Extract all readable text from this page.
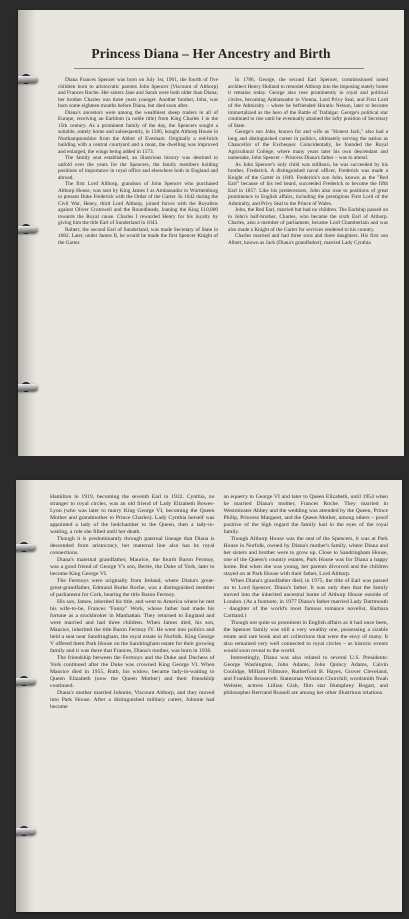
Princess Diana – Her Ancestry and Birth

Diana Frances Spencer was born on July 1st, 1961, the fourth of five children born to aristocratic parents John Spencer (Viscount of Althorp) and Frances Roche. Her sisters Jane and Sarah were both older than Diana; her brother Charles was three years younger. Another brother, John, was born some eighteen months before Diana, but died soon after.

Diana's ancestors were among the wealthiest sheep traders in all of Europe, receiving an Earldom (a noble title) from King Charles I in the 15th century. As a prominent family of the day, the Spencers sought a suitable, stately home and subsequently, in 1506, bought Althorp House in Northamptonshire from the Abbot of Evesham. Originally a red-brick building with a central courtyard and a moat, the dwelling was improved and enlarged, the wings being added in 1573.

The family seat established, an illustrious history was destined to unfold over the years for the Spencers, the family members holding positions of importance in royal office and elsewhere both in England and abroad.

The first Lord Althorp, grandson of John Spencer who purchased Althorp House, was sent by King James I as Ambassador to Wurttemburg to present Duke Frederick with the Order of the Garter. In 1642 during the Civil War, Henry, third Lord Althorp, joined forces with the Royalists against Oliver Cromwell and the Roundheads, loaning the King £10,000 towards the Royal cause. Charles I rewarded Henry for his loyalty by giving him the title Earl of Sunderland in 1643.

Robert, the second Earl of Sunderland, was made Secretary of State in 1682. Later, under James II, he would be made the first Spencer Knight of the Garter.

In 1786, George, the second Earl Spencer, commissioned noted architect Henry Holland to remodel Althorp into the imposing stately home it remains today. George also rose prominently in royal and political circles, becoming Ambassador to Vienna, Lord Privy Seal, and First Lord of the Admiralty – where he befriended Horatio Nelson, later to become immortalized as the hero of the Battle of Trafalgar. George's political star continued to rise until he eventually attained the lofty position of Secretary of State.

George's son John, known for and wife as "Honest Jack," also had a long and distinguished career in politics, ultimately serving the nation as Chancellor of the Exchequer. Coincidentally, he founded the Royal Agricultural College, where many years later his own descendant and namesake, John Spencer – Princess Diana's father – was to attend.

As John Spencer's only child was stillborn, he was succeeded by his brother, Frederick. A distinguished naval officer, Frederick was made a Knight of the Garter in 1849. Frederick's son John, known as the "Red Earl" because of his red beard, succeeded Frederick to become the fifth Earl in 1857. Like his predecessors, John also rose to positions of great prominence in English affairs, including the prestigious First Lord of the Admiralty, and Privy Seal to the Prince of Wales.

John, the Red Earl, married but had no children. The Earlship passed on to John's half-brother, Charles, who became the sixth Earl of Althorp. Charles, also a member of parliament, became Lord Chamberlain and was also made a Knight of the Garter for services rendered to his country.

Charles married and had three sons and three daughters. His first son Albert, known as Jack (Diana's grandfather), married Lady Cynthia

Hamilton in 1919, becoming the seventh Earl in 1922. Cynthia, no stranger to royal circles, was an old friend of Lady Elizabeth Bowes-Lyon (who was later to marry King George VI, becoming the Queen Mother and grandmother to Prince Charles). Lady Cynthia herself was appointed a lady of the bedchamber to the Queen, then a lady-in-waiting, a role she filled until her death.

Though it is predominantly through paternal lineage that Diana is descended from aristocracy, her maternal line also has its royal connections.

Diana's maternal grandfather, Maurice, the fourth Baron Fermoy, was a good friend of George V's son, Bertie, the Duke of York, later to become King George VI.

The Fermoys were originally from Ireland, where Diana's great-great-grandfather, Edmund Burke Roche, was a distinguished member of parliament for Cork, bearing the title Baron Fermoy.

His son, James, inherited his title, and went to America where he met his wife-to-be, Frances "Fanny" Work, whose father had made his fortune as a stockbroker in Manhattan. They returned to England and were married and had three children. When James died, his son, Maurice, inherited the title Baron Fermoy IV. He went into politics and held a seat near Sandringham, the royal estate in Norfolk. King George V offered them Park House on the Sandringham estate for their growing family and it was there that Frances, Diana's mother, was born in 1936.

The friendship between the Fermoys and the Duke and Duchess of York continued after the Duke was crowned King George VI. When Maurice died in 1955, Ruth, his widow, became lady-in-waiting to Queen Elizabeth (now the Queen Mother) and their friendship continued.

Diana's mother married Johnnie, Viscount Althorp, and they moved into Park House. After a distinguished military career, Johnnie had become

an equerry to George VI and later to Queen Elizabeth, until 1954 when he married Diana's mother, Frances Roche. They married in Westminster Abbey and the wedding was attended by the Queen, Prince Philip, Princess Margaret, and the Queen Mother, among others – proof positive of the high regard the family had in the eyes of the royal family.

Though Althorp House was the seat of the Spencers, it was at Park House in Norfolk, owned by Diana's mother's family, where Diana and her sisters and brother were to grow up. Close to Sandringham House, one of the Queen's country estates, Park House was for Diana a happy home. But when she was young, her parents divorced and the children stayed on at Park House with their father, Lord Althorp.

When Diana's grandfather died, in 1975, the title of Earl was passed on to Lord Spencer, Diana's father. It was only then that the family moved into the inherited ancestral home of Althorp House outside of London. (As a footnote, in 1977 Diana's father married Lady Dartmouth – daughter of the world's most famous romance novelist, Barbara Cartland.)

Though not quite so prominent in English affairs as it had once been, the Spencer family was still a very wealthy one, possessing a sizable estate and rare book and art collections that were the envy of many. It also remained very well connected to royal circles – as historic events would soon reveal to the world.

Interestingly, Diana was also related to several U.S. Presidents: George Washington, John Adams, John Quincy Adams, Calvin Coolidge, Millard Fillmore, Rutherford B. Hayes, Grover Cleveland, and Franklin Roosevelt. Statesman Winston Churchill, wordsmith Noah Webster, actress Lillian Gish, film star Humphrey Bogart, and philosopher Bertrand Russell are among her other illustrious relations.
